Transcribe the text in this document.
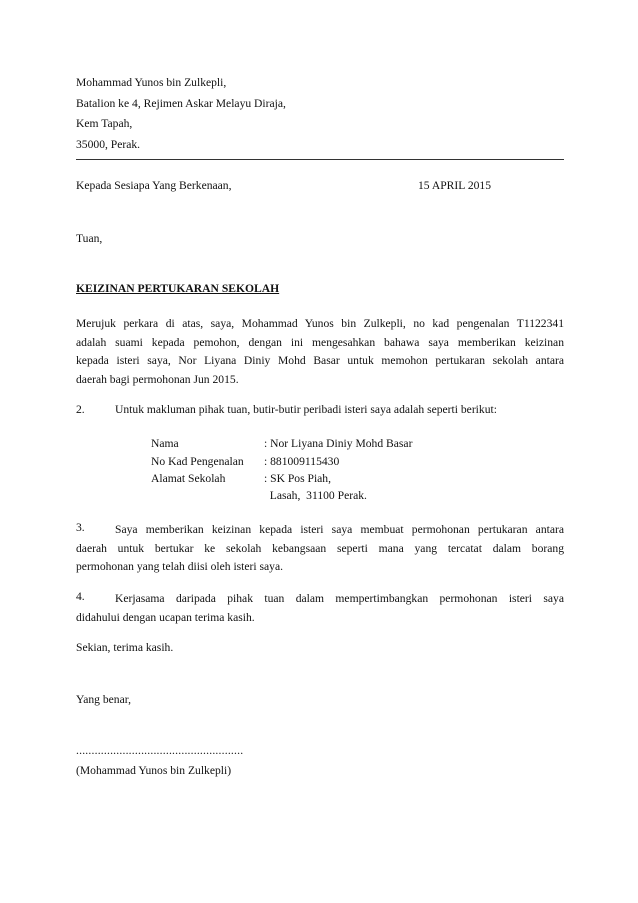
Mohammad Yunos bin Zulkepli,
Batalion ke 4, Rejimen Askar Melayu Diraja,
Kem Tapah,
35000, Perak.
Kepada Sesiapa Yang Berkenaan,	15 APRIL 2015
Tuan,
KEIZINAN PERTUKARAN SEKOLAH
Merujuk perkara di atas, saya, Mohammad Yunos bin Zulkepli, no kad pengenalan T1122341
adalah suami kepada pemohon, dengan ini mengesahkan bahawa saya memberikan keizinan
kepada isteri saya, Nor Liyana Diniy Mohd Basar untuk memohon pertukaran sekolah antara
daerah bagi permohonan Jun 2015.
2.	Untuk makluman pihak tuan, butir-butir peribadi isteri saya adalah seperti berikut:
Nama	: Nor Liyana Diniy Mohd Basar
No Kad Pengenalan : 881009115430
Alamat Sekolah	: SK Pos Piah,
Lasah,  31100 Perak.
3.	Saya memberikan keizinan kepada isteri saya membuat permohonan pertukaran antara
daerah untuk bertukar ke sekolah kebangsaan seperti mana yang tercatat dalam borang
permohonan yang telah diisi oleh isteri saya.
4.	Kerjasama daripada pihak tuan dalam mempertimbangkan permohonan isteri saya
didahului dengan ucapan terima kasih.
Sekian, terima kasih.
Yang benar,
......................................................
(Mohammad Yunos bin Zulkepli)
